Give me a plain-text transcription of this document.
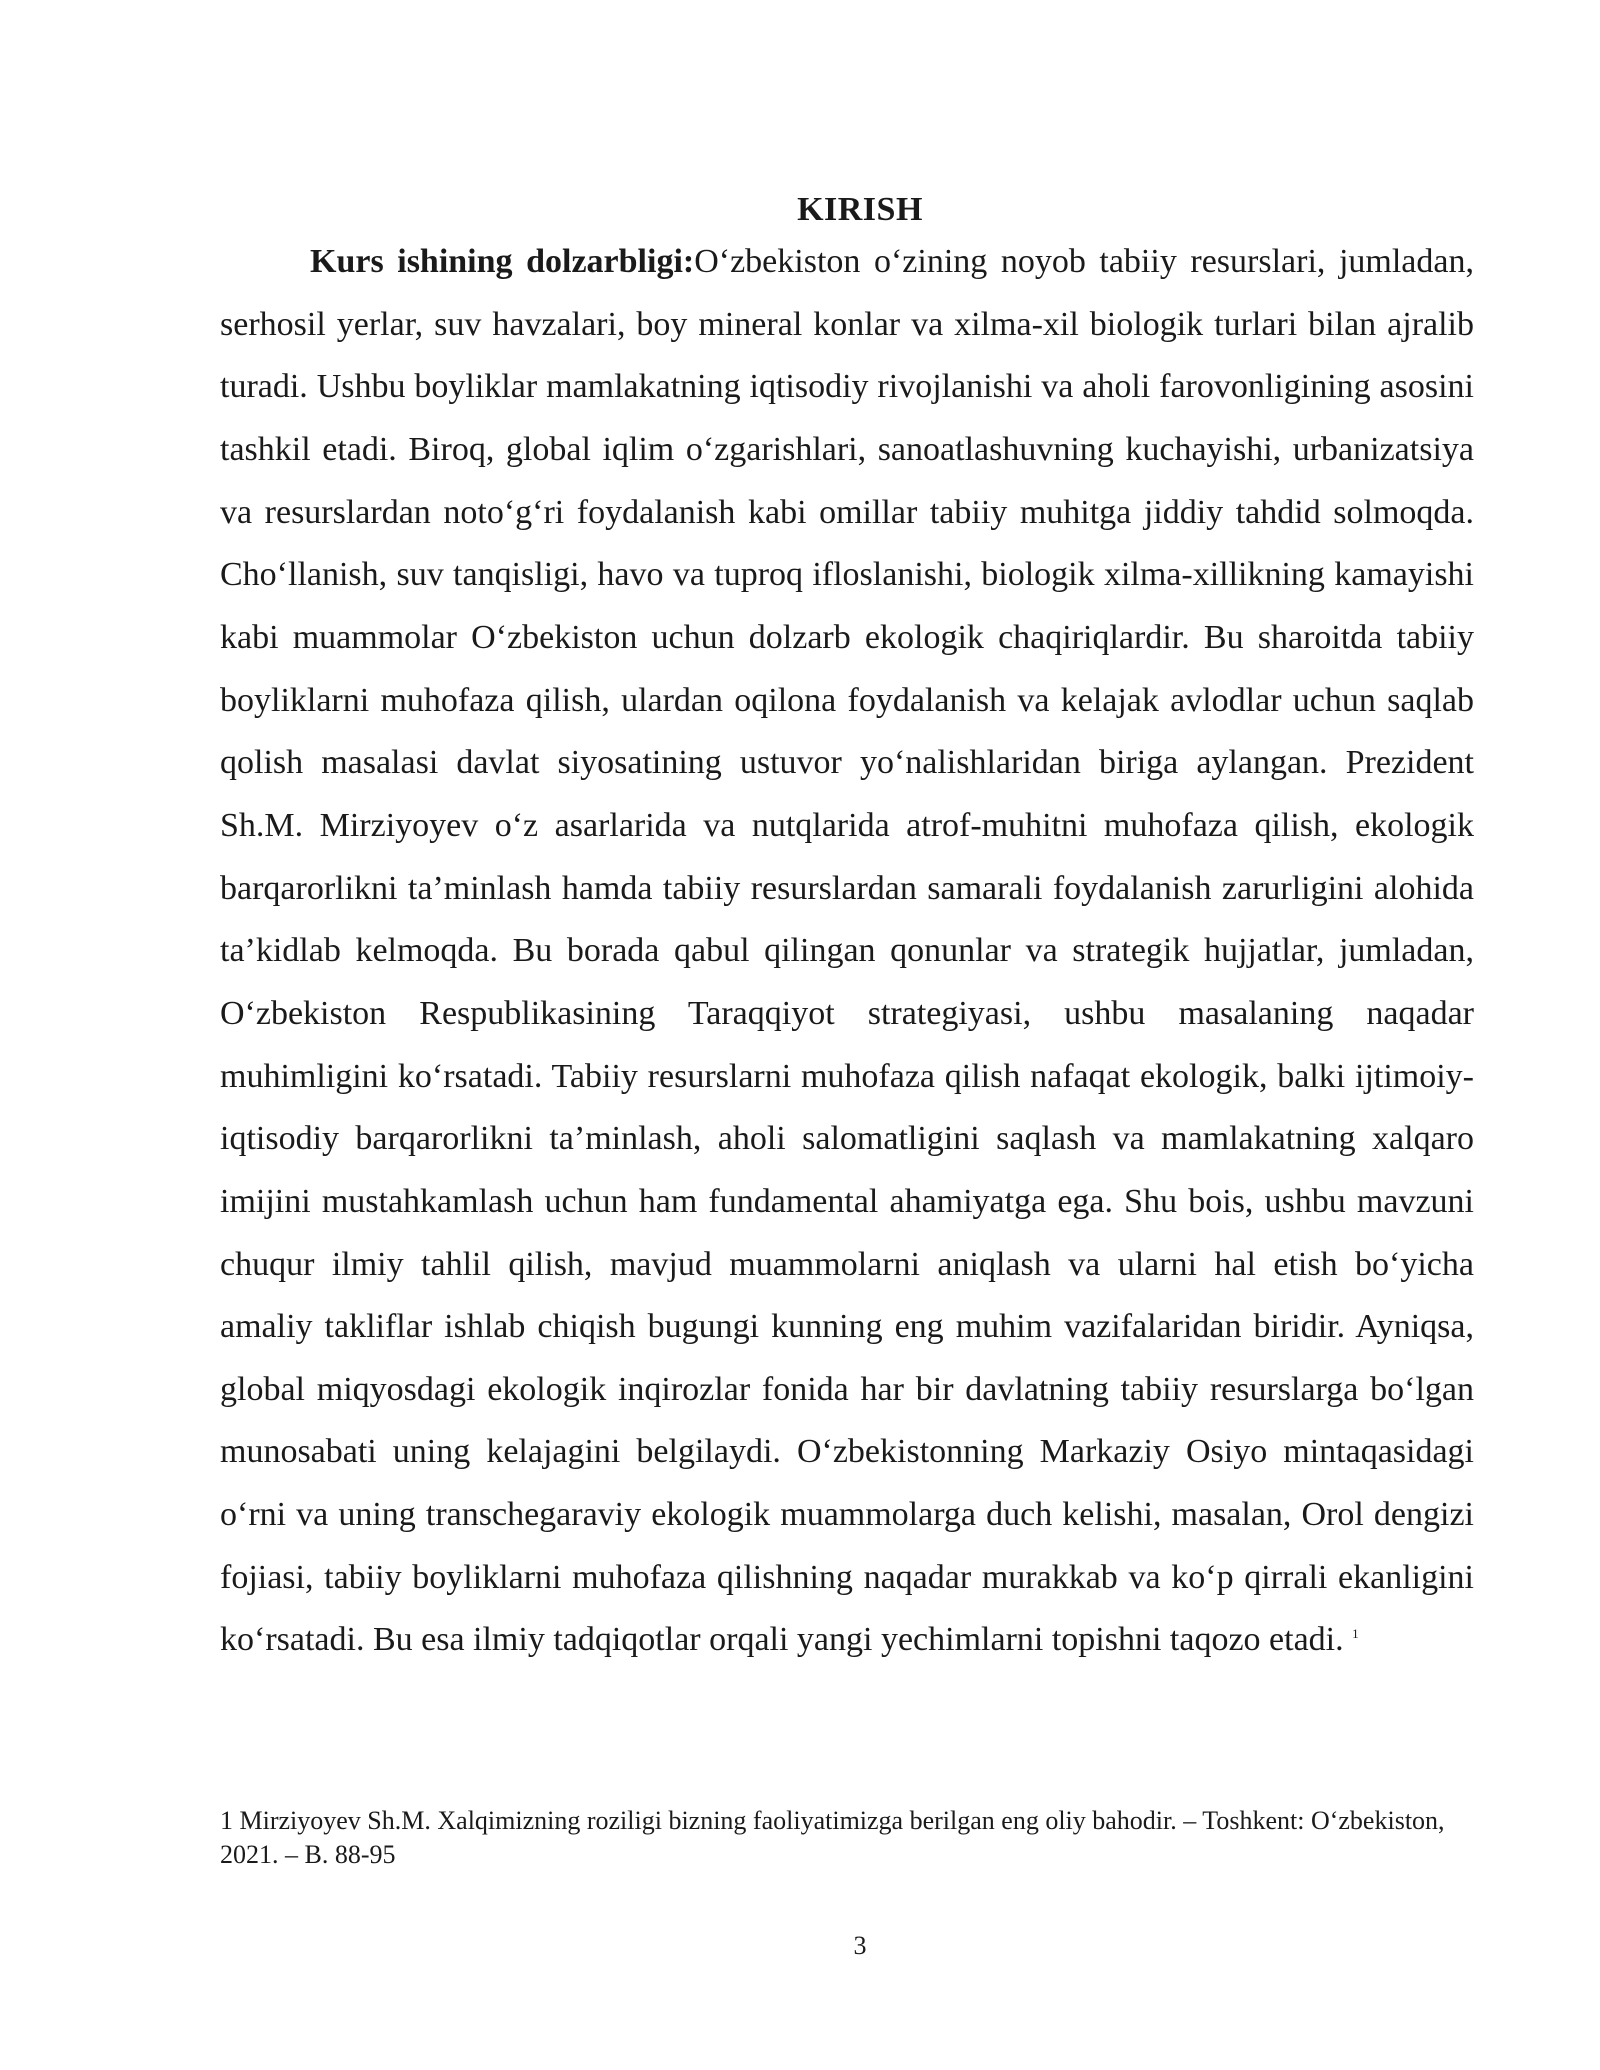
KIRISH

Kurs ishining dolzarbligi:O‘zbekiston o‘zining noyob tabiiy resurslari, jumladan, serhosil yerlar, suv havzalari, boy mineral konlar va xilma-xil biologik turlari bilan ajralib turadi. Ushbu boyliklar mamlakatning iqtisodiy rivojlanishi va aholi farovonligining asosini tashkil etadi. Biroq, global iqlim o‘zgarishlari, sanoatlashuvning kuchayishi, urbanizatsiya va resurslardan noto‘g‘ri foydalanish kabi omillar tabiiy muhitga jiddiy tahdid solmoqda. Cho‘llanish, suv tanqisligi, havo va tuproq ifloslanishi, biologik xilma-xillikning kamayishi kabi muammolar O‘zbekiston uchun dolzarb ekologik chaqiriqlardir. Bu sharoitda tabiiy boyliklarni muhofaza qilish, ulardan oqilona foydalanish va kelajak avlodlar uchun saqlab qolish masalasi davlat siyosatining ustuvor yo‘nalishlaridan biriga aylangan. Prezident Sh.M. Mirziyoyev o‘z asarlarida va nutqlarida atrof-muhitni muhofaza qilish, ekologik barqarorlikni ta’minlash hamda tabiiy resurslardan samarali foydalanish zarurligini alohida ta’kidlab kelmoqda. Bu borada qabul qilingan qonunlar va strategik hujjatlar, jumladan, O‘zbekiston Respublikasining Taraqqiyot strategiyasi, ushbu masalaning naqadar muhimligini ko‘rsatadi. Tabiiy resurslarni muhofaza qilish nafaqat ekologik, balki ijtimoiy-iqtisodiy barqarorlikni ta’minlash, aholi salomatligini saqlash va mamlakatning xalqaro imijini mustahkamlash uchun ham fundamental ahamiyatga ega. Shu bois, ushbu mavzuni chuqur ilmiy tahlil qilish, mavjud muammolarni aniqlash va ularni hal etish bo‘yicha amaliy takliflar ishlab chiqish bugungi kunning eng muhim vazifalaridan biridir. Ayniqsa, global miqyosdagi ekologik inqirozlar fonida har bir davlatning tabiiy resurslarga bo‘lgan munosabati uning kelajagini belgilaydi. O‘zbekistonning Markaziy Osiyo mintaqasidagi o‘rni va uning transchegaraviy ekologik muammolarga duch kelishi, masalan, Orol dengizi fojiasi, tabiiy boyliklarni muhofaza qilishning naqadar murakkab va ko‘p qirrali ekanligini ko‘rsatadi. Bu esa ilmiy tadqiqotlar orqali yangi yechimlarni topishni taqozo etadi. $^1$

1 Mirziyoyev Sh.M. Xalqimizning roziligi bizning faoliyatimizga berilgan eng oliy bahodir. – Toshkent: O‘zbekiston, 2021. – B. 88-95

3
